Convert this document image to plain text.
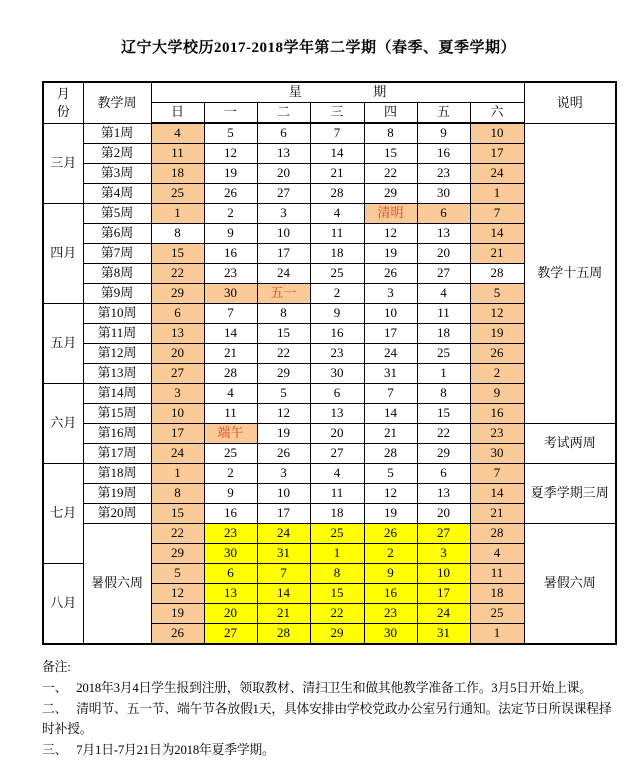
辽宁大学校历2017-2018学年第二学期（春季、夏季学期）
月份	教学周	星期							说明
		日	一	二	三	四	五	六	
三月	第1周	4	5	6	7	8	9	10	教学十五周
	第2周	11	12	13	14	15	16	17	
	第3周	18	19	20	21	22	23	24	
	第4周	25	26	27	28	29	30	1	
四月	第5周	1	2	3	4	清明	6	7	
	第6周	8	9	10	11	12	13	14	
	第7周	15	16	17	18	19	20	21	
	第8周	22	23	24	25	26	27	28	
	第9周	29	30	五一	2	3	4	5	
五月	第10周	6	7	8	9	10	11	12	
	第11周	13	14	15	16	17	18	19	
	第12周	20	21	22	23	24	25	26	
	第13周	27	28	29	30	31	1	2	
六月	第14周	3	4	5	6	7	8	9	
	第15周	10	11	12	13	14	15	16	
	第16周	17	端午	19	20	21	22	23	考试两周
	第17周	24	25	26	27	28	29	30	
七月	第18周	1	2	3	4	5	6	7	夏季学期三周
	第19周	8	9	10	11	12	13	14	
	第20周	15	16	17	18	19	20	21	
	暑假六周	22	23	24	25	26	27	28	暑假六周
		29	30	31	1	2	3	4	
八月		5	6	7	8	9	10	11	
		12	13	14	15	16	17	18	
		19	20	21	22	23	24	25	
		26	27	28	29	30	31	1	
备注:
一、 2018年3月4日学生报到注册，领取教材、清扫卫生和做其他教学准备工作。3月5日开始上课。
二、 清明节、五一节、端午节各放假1天，具体安排由学校党政办公室另行通知。法定节日所误课程择时补授。
三、 7月1日-7月21日为2018年夏季学期。
